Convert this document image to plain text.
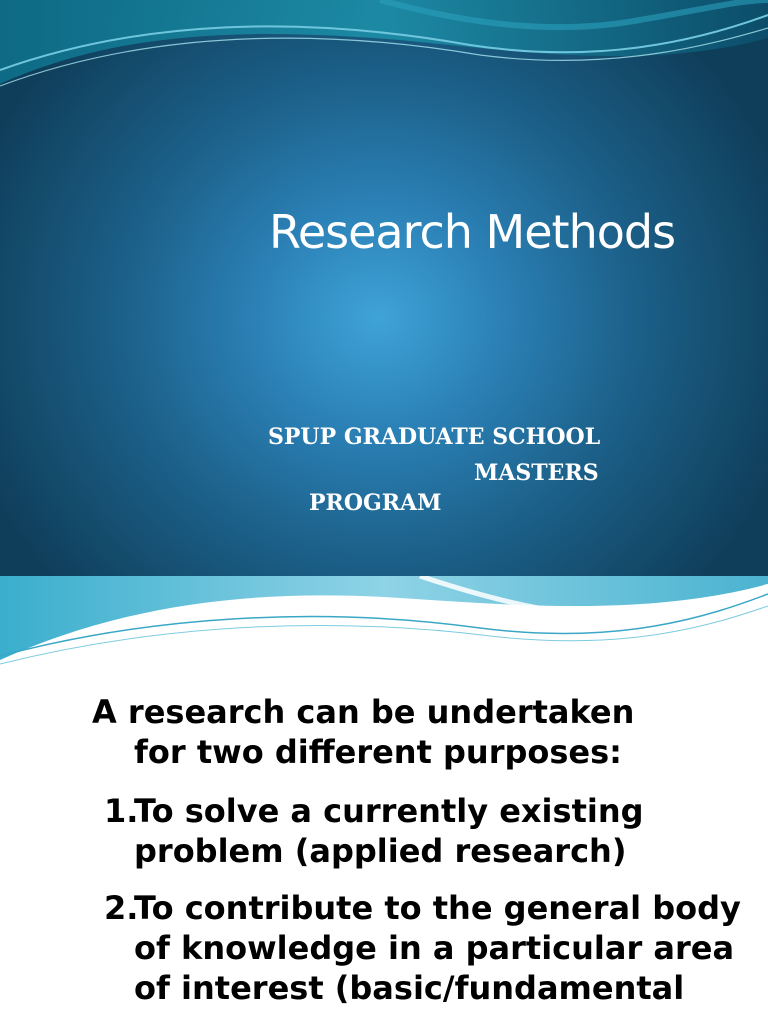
Research Methods
SPUP GRADUATE SCHOOL
MASTERS
PROGRAM
A research can be undertaken
for two different purposes:
1.
To solve a currently existing problem (applied research)
2.
To contribute to the general body of knowledge in a particular area of interest (basic/fundamental
